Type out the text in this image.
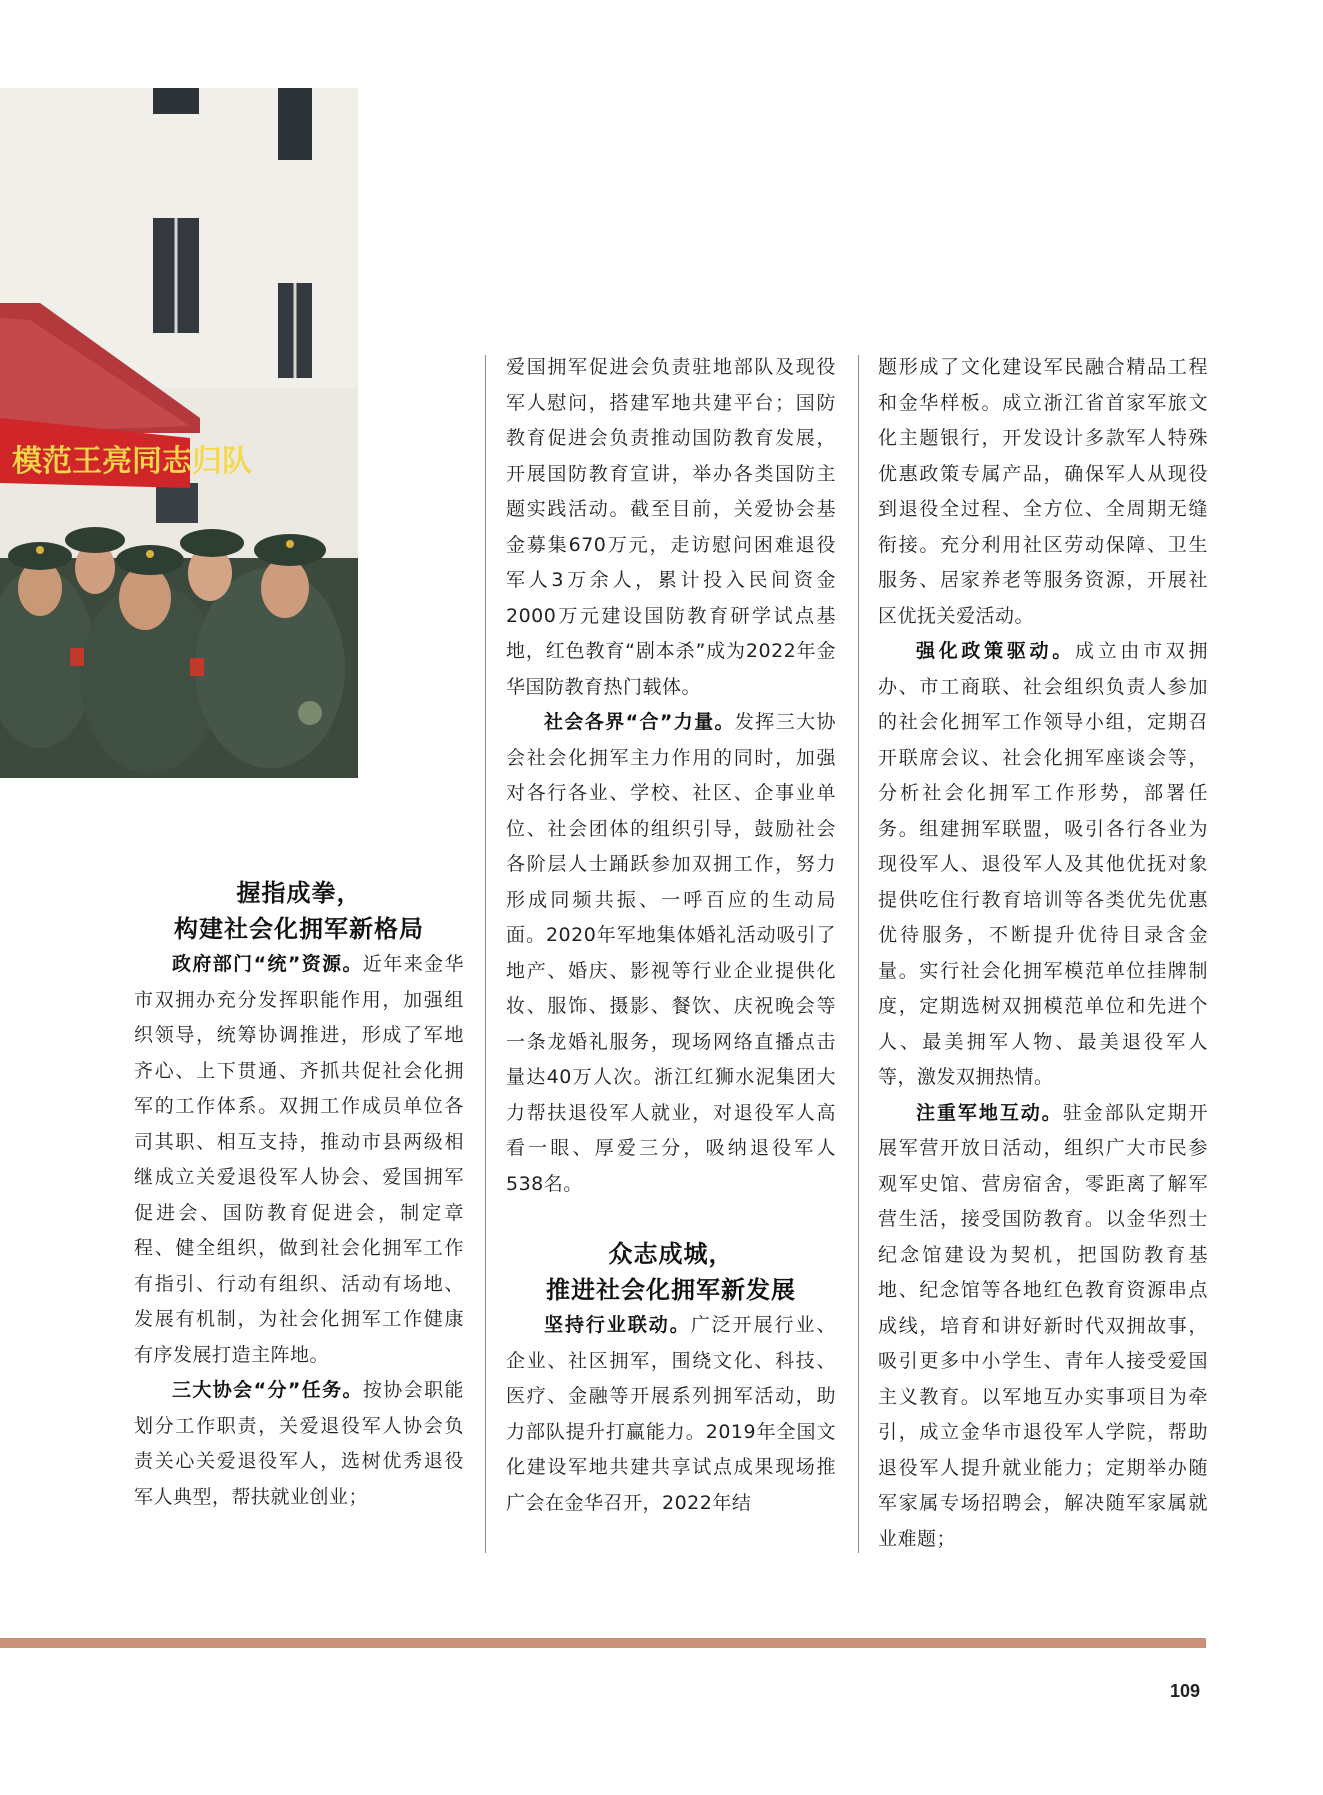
模范王亮同志归队
握指成拳，
构建社会化拥军新格局

政府部门“统”资源。近年来金华市双拥办充分发挥职能作用，加强组织领导，统筹协调推进，形成了军地齐心、上下贯通、齐抓共促社会化拥军的工作体系。双拥工作成员单位各司其职、相互支持，推动市县两级相继成立关爱退役军人协会、爱国拥军促进会、国防教育促进会，制定章程、健全组织，做到社会化拥军工作有指引、行动有组织、活动有场地、发展有机制，为社会化拥军工作健康有序发展打造主阵地。

三大协会“分”任务。按协会职能划分工作职责，关爱退役军人协会负责关心关爱退役军人，选树优秀退役军人典型，帮扶就业创业；

爱国拥军促进会负责驻地部队及现役军人慰问，搭建军地共建平台；国防教育促进会负责推动国防教育发展，开展国防教育宣讲，举办各类国防主题实践活动。截至目前，关爱协会基金募集670万元，走访慰问困难退役军人3万余人，累计投入民间资金2000万元建设国防教育研学试点基地，红色教育“剧本杀”成为2022年金华国防教育热门载体。

社会各界“合”力量。发挥三大协会社会化拥军主力作用的同时，加强对各行各业、学校、社区、企事业单位、社会团体的组织引导，鼓励社会各阶层人士踊跃参加双拥工作，努力形成同频共振、一呼百应的生动局面。2020年军地集体婚礼活动吸引了地产、婚庆、影视等行业企业提供化妆、服饰、摄影、餐饮、庆祝晚会等一条龙婚礼服务，现场网络直播点击量达40万人次。浙江红狮水泥集团大力帮扶退役军人就业，对退役军人高看一眼、厚爱三分，吸纳退役军人538名。

众志成城，
推进社会化拥军新发展

坚持行业联动。广泛开展行业、企业、社区拥军，围绕文化、科技、医疗、金融等开展系列拥军活动，助力部队提升打赢能力。2019年全国文化建设军地共建共享试点成果现场推广会在金华召开，2022年结

题形成了文化建设军民融合精品工程和金华样板。成立浙江省首家军旅文化主题银行，开发设计多款军人特殊优惠政策专属产品，确保军人从现役到退役全过程、全方位、全周期无缝衔接。充分利用社区劳动保障、卫生服务、居家养老等服务资源，开展社区优抚关爱活动。

强化政策驱动。成立由市双拥办、市工商联、社会组织负责人参加的社会化拥军工作领导小组，定期召开联席会议、社会化拥军座谈会等，分析社会化拥军工作形势，部署任务。组建拥军联盟，吸引各行各业为现役军人、退役军人及其他优抚对象提供吃住行教育培训等各类优先优惠优待服务，不断提升优待目录含金量。实行社会化拥军模范单位挂牌制度，定期选树双拥模范单位和先进个人、最美拥军人物、最美退役军人等，激发双拥热情。

注重军地互动。驻金部队定期开展军营开放日活动，组织广大市民参观军史馆、营房宿舍，零距离了解军营生活，接受国防教育。以金华烈士纪念馆建设为契机，把国防教育基地、纪念馆等各地红色教育资源串点成线，培育和讲好新时代双拥故事，吸引更多中小学生、青年人接受爱国主义教育。以军地互办实事项目为牵引，成立金华市退役军人学院，帮助退役军人提升就业能力；定期举办随军家属专场招聘会，解决随军家属就业难题；

109
